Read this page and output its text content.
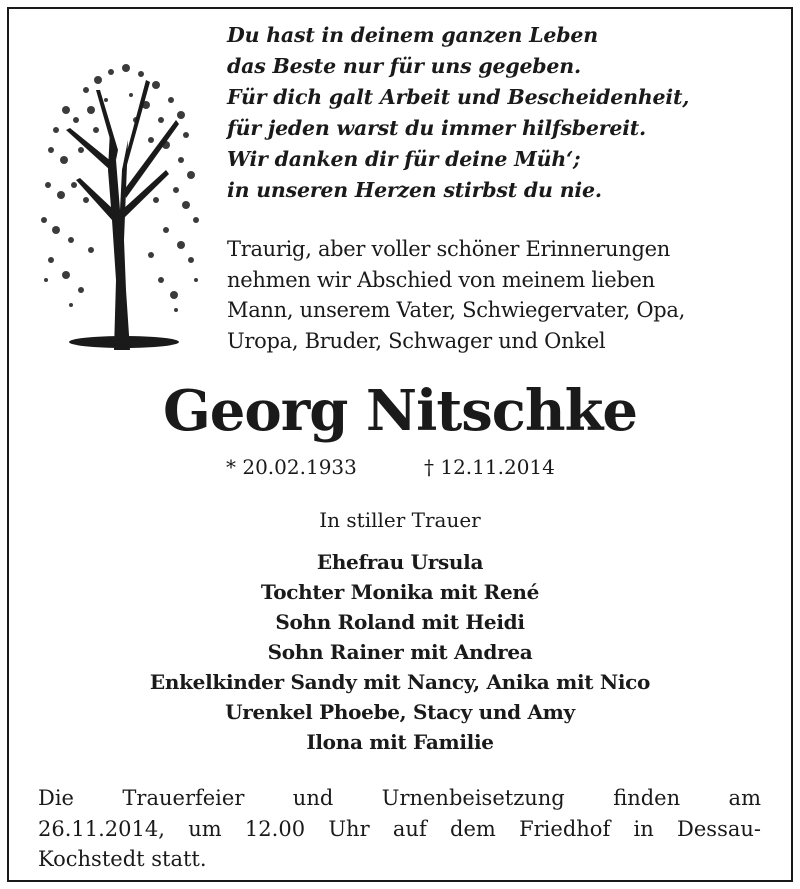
Du hast in deinem ganzen Leben
das Beste nur für uns gegeben.
Für dich galt Arbeit und Bescheidenheit,
für jeden warst du immer hilfsbereit.
Wir danken dir für deine Müh‘;
in unseren Herzen stirbst du nie.
Traurig, aber voller schöner Erinnerungen
nehmen wir Abschied von meinem lieben
Mann, unserem Vater, Schwiegervater, Opa,
Uropa, Bruder, Schwager und Onkel
Georg Nitschke
* 20.02.1933	† 12.11.2014
In stiller Trauer
Ehefrau Ursula
Tochter Monika mit René
Sohn Roland mit Heidi
Sohn Rainer mit Andrea
Enkelkinder Sandy mit Nancy, Anika mit Nico
Urenkel Phoebe, Stacy und Amy
Ilona mit Familie
Die Trauerfeier und Urnenbeisetzung finden am
26.11.2014, um 12.00 Uhr auf dem Friedhof in Dessau-
Kochstedt statt.
